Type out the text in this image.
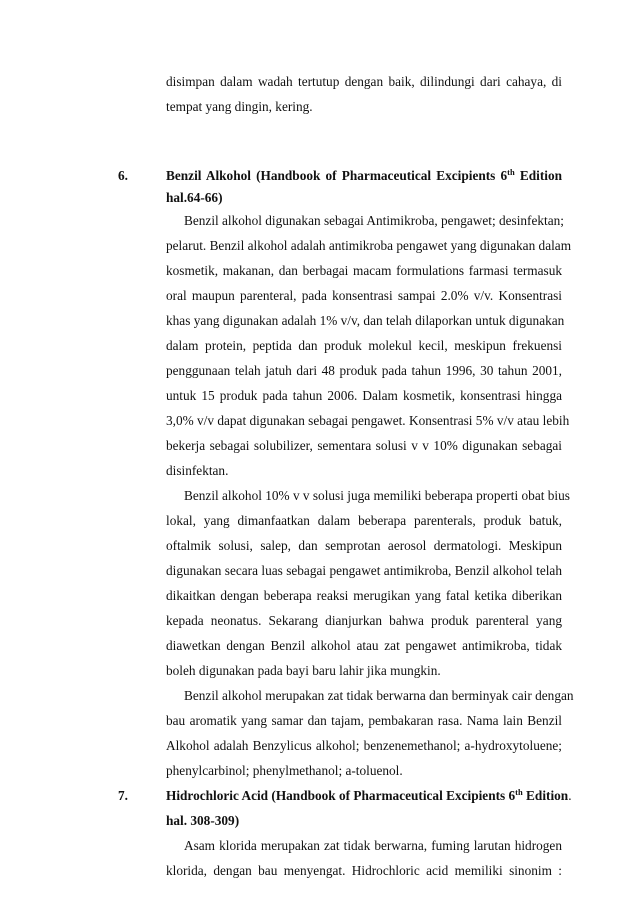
disimpan dalam wadah tertutup dengan baik, dilindungi dari cahaya, di
tempat yang dingin, kering.
6.	Benzil Alkohol (Handbook of Pharmaceutical Excipients 6th Edition
hal.64-66)
Benzil alkohol digunakan sebagai Antimikroba, pengawet; desinfektan;
pelarut. Benzil alkohol adalah antimikroba pengawet yang digunakan dalam
kosmetik, makanan, dan berbagai macam formulations farmasi termasuk
oral maupun parenteral, pada konsentrasi sampai 2.0% v/v. Konsentrasi
khas yang digunakan adalah 1% v/v, dan telah dilaporkan untuk digunakan
dalam protein, peptida dan produk molekul kecil, meskipun frekuensi
penggunaan telah jatuh dari 48 produk pada tahun 1996, 30 tahun 2001,
untuk 15 produk pada tahun 2006. Dalam kosmetik, konsentrasi hingga
3,0% v/v dapat digunakan sebagai pengawet. Konsentrasi 5% v/v atau lebih
bekerja sebagai solubilizer, sementara solusi v v 10% digunakan sebagai
disinfektan.
Benzil alkohol 10% v v solusi juga memiliki beberapa properti obat bius
lokal, yang dimanfaatkan dalam beberapa parenterals, produk batuk,
oftalmik solusi, salep, dan semprotan aerosol dermatologi. Meskipun
digunakan secara luas sebagai pengawet antimikroba, Benzil alkohol telah
dikaitkan dengan beberapa reaksi merugikan yang fatal ketika diberikan
kepada neonatus. Sekarang dianjurkan bahwa produk parenteral yang
diawetkan dengan Benzil alkohol atau zat pengawet antimikroba, tidak
boleh digunakan pada bayi baru lahir jika mungkin.
Benzil alkohol merupakan zat tidak berwarna dan berminyak cair dengan
bau aromatik yang samar dan tajam, pembakaran rasa. Nama lain Benzil
Alkohol adalah Benzylicus alkohol; benzenemethanol; a-hydroxytoluene;
phenylcarbinol; phenylmethanol; a-toluenol.
7.	Hidrochloric Acid (Handbook of Pharmaceutical Excipients 6th Edition.
hal. 308-309)
Asam klorida merupakan zat tidak berwarna, fuming larutan hidrogen
klorida, dengan bau menyengat. Hidrochloric acid memiliki sinonim :
